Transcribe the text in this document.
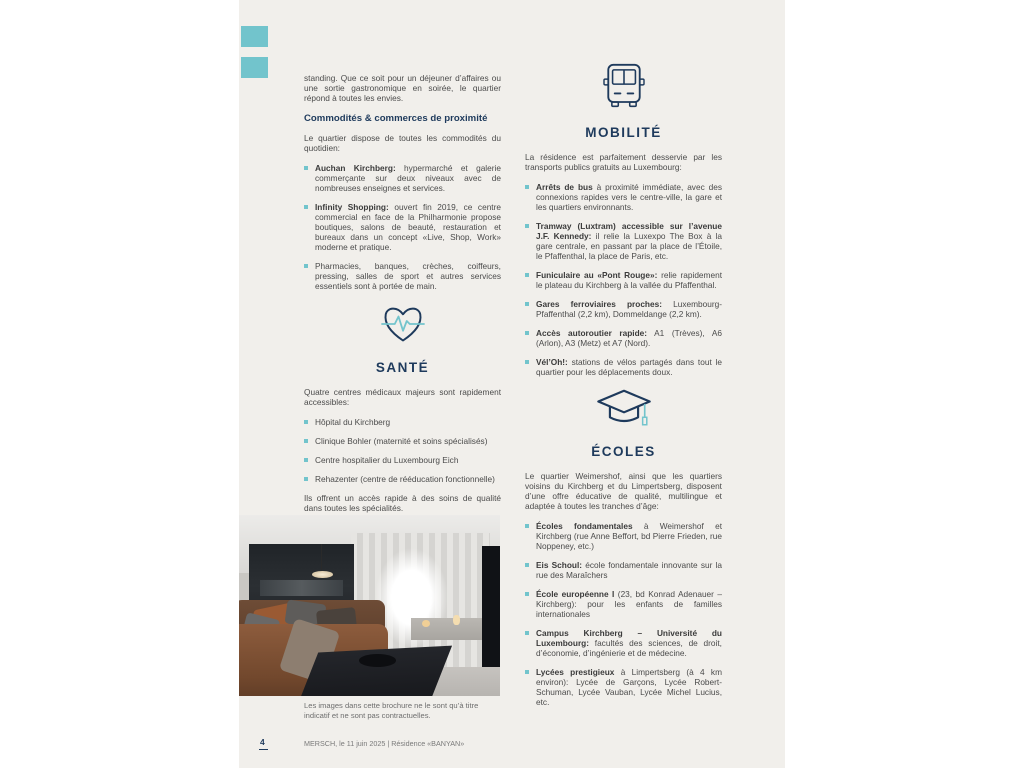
standing. Que ce soit pour un déjeuner d’affaires ou une sortie gastronomique en soirée, le quartier répond à toutes les envies.

Commodités & commerces de proximité

Le quartier dispose de toutes les commodités du quotidien:

Auchan Kirchberg: hypermarché et galerie commerçante sur deux niveaux avec de nombreuses enseignes et services.
Infinity Shopping: ouvert fin 2019, ce centre commercial en face de la Philharmonie propose boutiques, salons de beauté, restauration et bureaux dans un concept «Live, Shop, Work» moderne et pratique.
Pharmacies, banques, crèches, coiffeurs, pressing, salles de sport et autres services essentiels sont à portée de main.
SANTÉ

Quatre centres médicaux majeurs sont rapidement accessibles:

Hôpital du Kirchberg
Clinique Bohler (maternité et soins spécialisés)
Centre hospitalier du Luxembourg Eich
Rehazenter (centre de rééducation fonctionnelle)

Ils offrent un accès rapide à des soins de qualité dans toutes les spécialités.

MOBILITÉ

La résidence est parfaitement desservie par les transports publics gratuits au Luxembourg:

Arrêts de bus à proximité immédiate, avec des connexions rapides vers le centre-ville, la gare et les quartiers environnants.
Tramway (Luxtram) accessible sur l’avenue J.F. Kennedy: il relie la Luxexpo The Box à la gare centrale, en passant par la place de l’Étoile, le Pfaffenthal, la place de Paris, etc.
Funiculaire au «Pont Rouge»: relie rapidement le plateau du Kirchberg à la vallée du Pfaffenthal.
Gares ferroviaires proches: Luxembourg-Pfaffenthal (2,2 km), Dommeldange (2,2 km).
Accès autoroutier rapide: A1 (Trèves), A6 (Arlon), A3 (Metz) et A7 (Nord).
Vél’Oh!: stations de vélos partagés dans tout le quartier pour les déplacements doux.
ÉCOLES

Le quartier Weimershof, ainsi que les quartiers voisins du Kirchberg et du Limpertsberg, disposent d’une offre éducative de qualité, multilingue et adaptée à toutes les tranches d’âge:

Écoles fondamentales à Weimershof et Kirchberg (rue Anne Beffort, bd Pierre Frieden, rue Noppeney, etc.)
Eis Schoul: école fondamentale innovante sur la rue des Maraîchers
École européenne I (23, bd Konrad Adenauer – Kirchberg): pour les enfants de familles internationales
Campus Kirchberg – Université du Luxembourg: facultés des sciences, de droit, d’économie, d’ingénierie et de médecine.
Lycées prestigieux à Limpertsberg (à 4 km environ): Lycée de Garçons, Lycée Robert-Schuman, Lycée Vauban, Lycée Michel Lucius, etc.

Les images dans cette brochure ne le sont qu’à titre indicatif et ne sont pas contractuelles.

4	MERSCH, le 11 juin 2025 | Résidence «BANYAN»
